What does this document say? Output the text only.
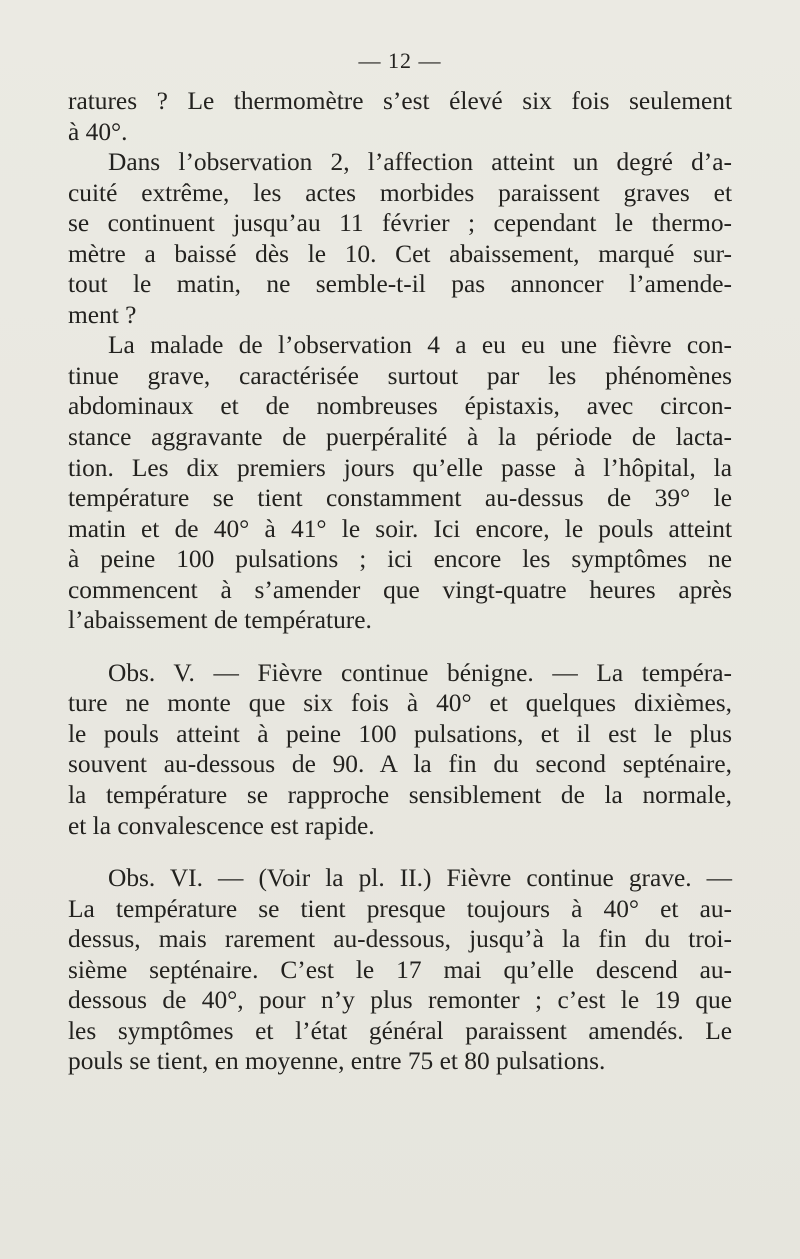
— 12 —

ratures ? Le thermomètre s’est élevé six fois seulement

à 40°.

Dans l’observation 2, l’affection atteint un degré d’a-

cuité extrême, les actes morbides paraissent graves et

se continuent jusqu’au 11 février ; cependant le thermo-

mètre a baissé dès le 10. Cet abaissement, marqué sur-

tout le matin, ne semble-t-il pas annoncer l’amende-

ment ?

La malade de l’observation 4 a eu eu une fièvre con-

tinue grave, caractérisée surtout par les phénomènes

abdominaux et de nombreuses épistaxis, avec circon-

stance aggravante de puerpéralité à la période de lacta-

tion. Les dix premiers jours qu’elle passe à l’hôpital, la

température se tient constamment au-dessus de 39° le

matin et de 40° à 41° le soir. Ici encore, le pouls atteint

à peine 100 pulsations ; ici encore les symptômes ne

commencent à s’amender que vingt-quatre heures après

l’abaissement de température.

Obs. V. — Fièvre continue bénigne. — La tempéra-

ture ne monte que six fois à 40° et quelques dixièmes,

le pouls atteint à peine 100 pulsations, et il est le plus

souvent au-dessous de 90. A la fin du second septénaire,

la température se rapproche sensiblement de la normale,

et la convalescence est rapide.

Obs. VI. — (Voir la pl. II.) Fièvre continue grave. —

La température se tient presque toujours à 40° et au-

dessus, mais rarement au-dessous, jusqu’à la fin du troi-

sième septénaire. C’est le 17 mai qu’elle descend au-

dessous de 40°, pour n’y plus remonter ; c’est le 19 que

les symptômes et l’état général paraissent amendés. Le

pouls se tient, en moyenne, entre 75 et 80 pulsations.
